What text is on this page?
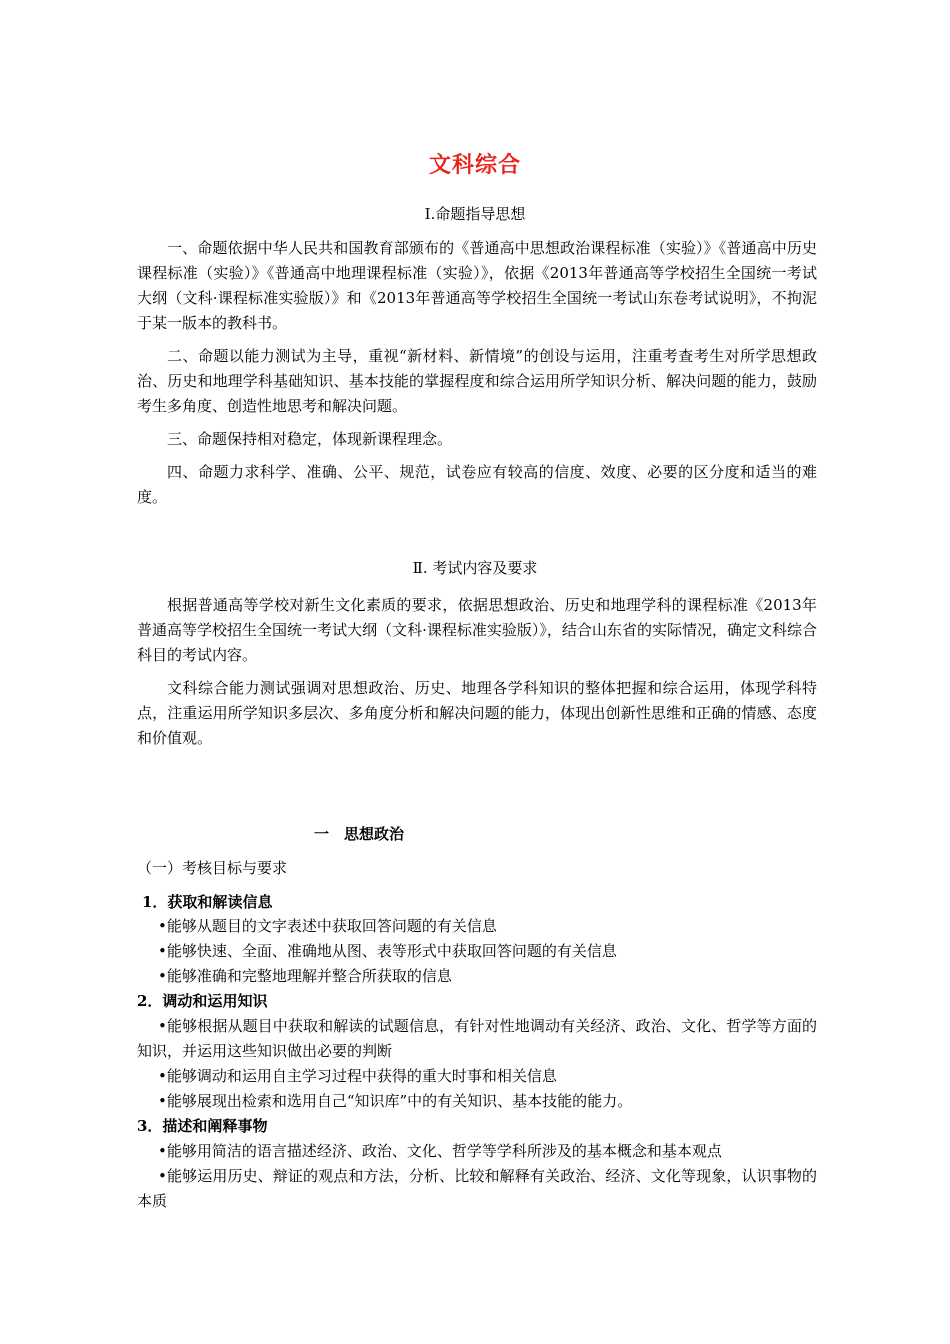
文科综合
Ⅰ.命题指导思想

一、命题依据中华人民共和国教育部颁布的《普通高中思想政治课程标准（实验）》《普通高中历史课程标准（实验）》《普通高中地理课程标准（实验）》，依据《2013年普通高等学校招生全国统一考试大纲（文科·课程标准实验版）》和《2013年普通高等学校招生全国统一考试山东卷考试说明》，不拘泥于某一版本的教科书。

二、命题以能力测试为主导，重视“新材料、新情境”的创设与运用，注重考查考生对所学思想政治、历史和地理学科基础知识、基本技能的掌握程度和综合运用所学知识分析、解决问题的能力，鼓励考生多角度、创造性地思考和解决问题。

三、命题保持相对稳定，体现新课程理念。

四、命题力求科学、准确、公平、规范，试卷应有较高的信度、效度、必要的区分度和适当的难度。

Ⅱ. 考试内容及要求

根据普通高等学校对新生文化素质的要求，依据思想政治、历史和地理学科的课程标准《2013年普通高等学校招生全国统一考试大纲（文科·课程标准实验版）》，结合山东省的实际情况，确定文科综合科目的考试内容。

文科综合能力测试强调对思想政治、历史、地理各学科知识的整体把握和综合运用，体现学科特点，注重运用所学知识多层次、多角度分析和解决问题的能力，体现出创新性思维和正确的情感、态度和价值观。

一　思想政治
（一）考核目标与要求
1．获取和解读信息
•能够从题目的文字表述中获取回答问题的有关信息
•能够快速、全面、准确地从图、表等形式中获取回答问题的有关信息
•能够准确和完整地理解并整合所获取的信息
2．调动和运用知识

•能够根据从题目中获取和解读的试题信息，有针对性地调动有关经济、政治、文化、哲学等方面的知识，并运用这些知识做出必要的判断

•能够调动和运用自主学习过程中获得的重大时事和相关信息
•能够展现出检索和选用自己“知识库”中的有关知识、基本技能的能力。
3．描述和阐释事物
•能够用简洁的语言描述经济、政治、文化、哲学等学科所涉及的基本概念和基本观点

•能够运用历史、辩证的观点和方法，分析、比较和解释有关政治、经济、文化等现象，认识事物的本质
